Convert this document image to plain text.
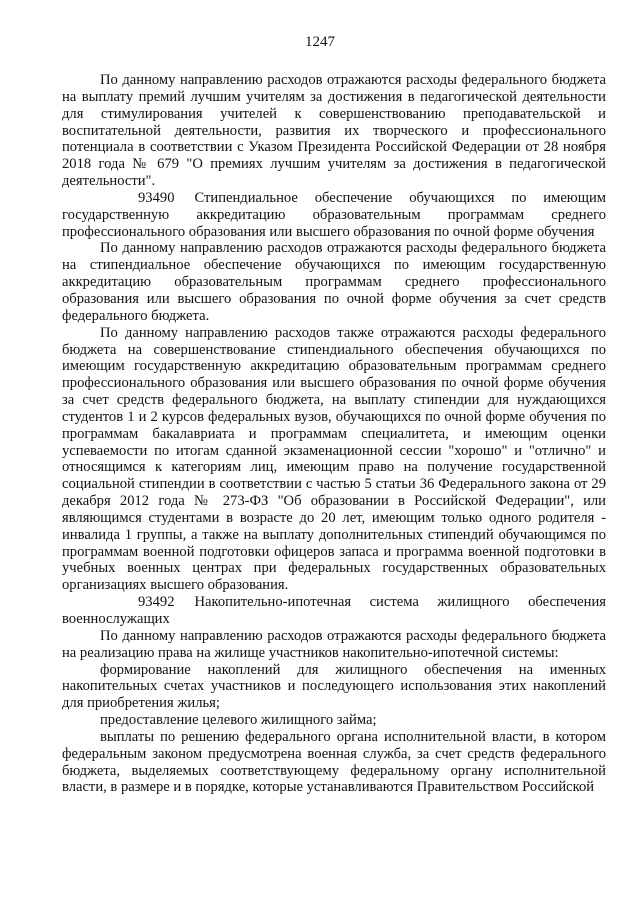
1247

По данному направлению расходов отражаются расходы федерального бюджета на выплату премий лучшим учителям за достижения в педагогической деятельности для стимулирования учителей к совершенствованию преподавательской и воспитательной деятельности, развития их творческого и профессионального потенциала в соответствии с Указом Президента Российской Федерации от 28 ноября 2018 года № 679 "О премиях лучшим учителям за достижения в педагогической деятельности".

93490 Стипендиальное обеспечение обучающихся по имеющим государственную аккредитацию образовательным программам среднего профессионального образования или высшего образования по очной форме обучения

По данному направлению расходов отражаются расходы федерального бюджета на стипендиальное обеспечение обучающихся по имеющим государственную аккредитацию образовательным программам среднего профессионального образования или высшего образования по очной форме обучения за счет средств федерального бюджета.

По данному направлению расходов также отражаются расходы федерального бюджета на совершенствование стипендиального обеспечения обучающихся по имеющим государственную аккредитацию образовательным программам среднего профессионального образования или высшего образования по очной форме обучения за счет средств федерального бюджета, на выплату стипендии для нуждающихся студентов 1 и 2 курсов федеральных вузов, обучающихся по очной форме обучения по программам бакалавриата и программам специалитета, и имеющим оценки успеваемости по итогам сданной экзаменационной сессии "хорошо" и "отлично" и относящимся к категориям лиц, имеющим право на получение государственной социальной стипендии в соответствии с частью 5 статьи 36 Федерального закона от 29 декабря 2012 года № 273-ФЗ "Об образовании в Российской Федерации", или являющимся студентами в возрасте до 20 лет, имеющим только одного родителя - инвалида 1 группы, а также на выплату дополнительных стипендий обучающимся по программам военной подготовки офицеров запаса и программа военной подготовки в учебных военных центрах при федеральных государственных образовательных организациях высшего образования.

93492 Накопительно-ипотечная система жилищного обеспечения военнослужащих

По данному направлению расходов отражаются расходы федерального бюджета на реализацию права на жилище участников накопительно-ипотечной системы:

формирование накоплений для жилищного обеспечения на именных накопительных счетах участников и последующего использования этих накоплений для приобретения жилья;

предоставление целевого жилищного займа;

выплаты по решению федерального органа исполнительной власти, в котором федеральным законом предусмотрена военная служба, за счет средств федерального бюджета, выделяемых соответствующему федеральному органу исполнительной власти, в размере и в порядке, которые устанавливаются Правительством Российской
